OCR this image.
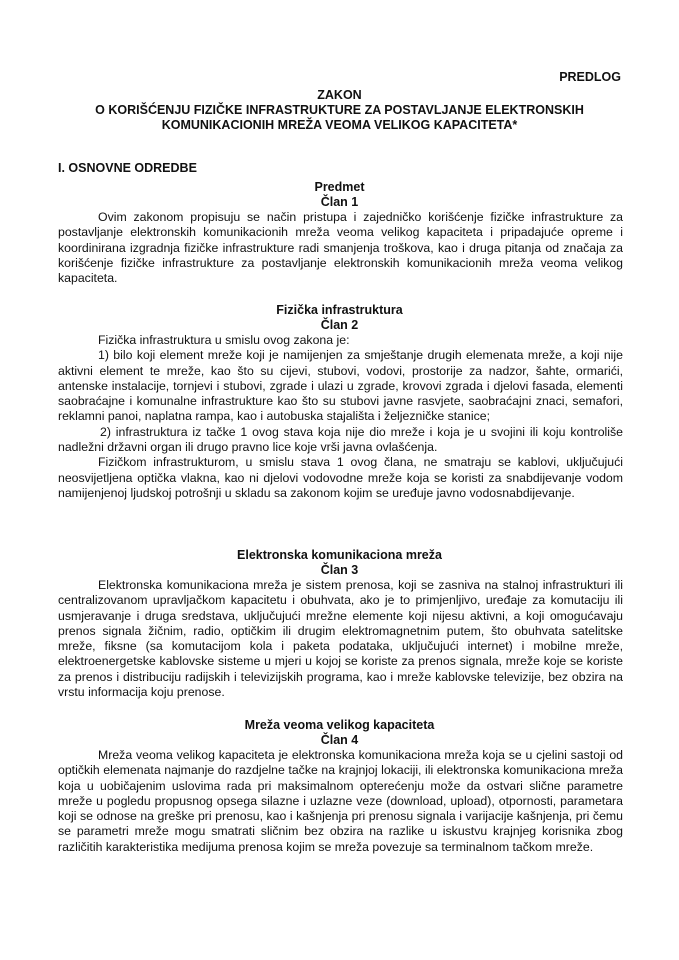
PREDLOG
ZAKON
O KORIŠĆENJU FIZIČKE INFRASTRUKTURE ZA POSTAVLJANJE ELEKTRONSKIH
KOMUNIKACIONIH MREŽA VEOMA VELIKOG KAPACITETA*
I. OSNOVNE ODREDBE
Predmet
Član 1
Ovim zakonom propisuju se način pristupa i zajedničko korišćenje fizičke infrastrukture za postavljanje elektronskih komunikacionih mreža veoma velikog kapaciteta i pripadajuće opreme i koordinirana izgradnja fizičke infrastrukture radi smanjenja troškova, kao i druga pitanja od značaja za korišćenje fizičke infrastrukture za postavljanje elektronskih komunikacionih mreža veoma velikog kapaciteta.
Fizička infrastruktura
Član 2
Fizička infrastruktura u smislu ovog zakona je:
1) bilo koji element mreže koji je namijenjen za smještanje drugih elemenata mreže, a koji nije aktivni element te mreže, kao što su cijevi, stubovi, vodovi, prostorije za nadzor, šahte, ormarići, antenske instalacije, tornjevi i stubovi, zgrade i ulazi u zgrade, krovovi zgrada i djelovi fasada, elementi saobraćajne i komunalne infrastrukture kao što su stubovi javne rasvjete, saobraćajni znaci, semafori, reklamni panoi, naplatna rampa, kao i autobuska stajališta i željezničke stanice;
2) infrastruktura iz tačke 1 ovog stava koja nije dio mreže i koja je u svojini ili koju kontroliše nadležni državni organ ili drugo pravno lice koje vrši javna ovlašćenja.
Fizičkom infrastrukturom, u smislu stava 1 ovog člana, ne smatraju se kablovi, uključujući neosvijetljena optička vlakna, kao ni djelovi vodovodne mreže koja se koristi za snabdijevanje vodom namijenjenoj ljudskoj potrošnji u skladu sa zakonom kojim se uređuje javno vodosnabdijevanje.
Elektronska komunikaciona mreža
Član 3
Elektronska komunikaciona mreža je sistem prenosa, koji se zasniva na stalnoj infrastrukturi ili centralizovanom upravljačkom kapacitetu i obuhvata, ako je to primjenljivo, uređaje za komutaciju ili usmjeravanje i druga sredstava, uključujući mrežne elemente koji nijesu aktivni, a koji omogućavaju prenos signala žičnim, radio, optičkim ili drugim elektromagnetnim putem, što obuhvata satelitske mreže, fiksne (sa komutacijom kola i paketa podataka, uključujući internet) i mobilne mreže, elektroenergetske kablovske sisteme u mjeri u kojoj se koriste za prenos signala, mreže koje se koriste za prenos i distribuciju radijskih i televizijskih programa, kao i mreže kablovske televizije, bez obzira na vrstu informacija koju prenose.
Mreža veoma velikog kapaciteta
Član 4
Mreža veoma velikog kapaciteta je elektronska komunikaciona mreža koja se u cjelini sastoji od optičkih elemenata najmanje do razdjelne tačke na krajnjoj lokaciji, ili elektronska komunikaciona mreža koja u uobičajenim uslovima rada pri maksimalnom opterećenju može da ostvari slične parametre mreže u pogledu propusnog opsega silazne i uzlazne veze (download, upload), otpornosti, parametara koji se odnose na greške pri prenosu, kao i kašnjenja pri prenosu signala i varijacije kašnjenja, pri čemu se parametri mreže mogu smatrati sličnim bez obzira na razlike u iskustvu krajnjeg korisnika zbog različitih karakteristika medijuma prenosa kojim se mreža povezuje sa terminalnom tačkom mreže.
